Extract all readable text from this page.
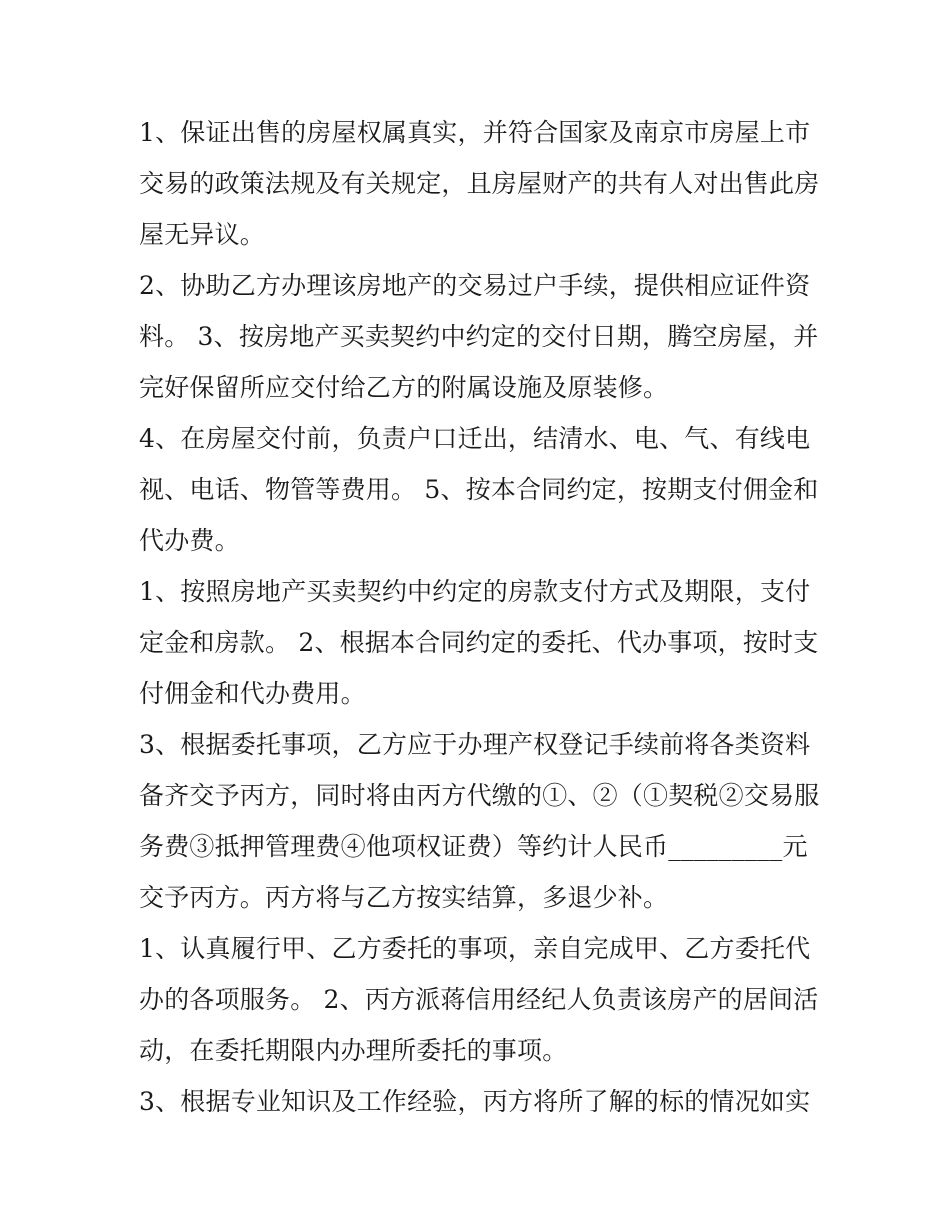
1、保证出售的房屋权属真实，并符合国家及南京市房屋上市
交易的政策法规及有关规定，且房屋财产的共有人对出售此房
屋无异议。
2、协助乙方办理该房地产的交易过户手续，提供相应证件资
料。 3、按房地产买卖契约中约定的交付日期，腾空房屋，并
完好保留所应交付给乙方的附属设施及原装修。
4、在房屋交付前，负责户口迁出，结清水、电、气、有线电
视、电话、物管等费用。 5、按本合同约定，按期支付佣金和
代办费。
1、按照房地产买卖契约中约定的房款支付方式及期限，支付
定金和房款。 2、根据本合同约定的委托、代办事项，按时支
付佣金和代办费用。
3、根据委托事项，乙方应于办理产权登记手续前将各类资料
备齐交予丙方，同时将由丙方代缴的①、②（①契税②交易服
务费③抵押管理费④他项权证费）等约计人民币_________元
交予丙方。丙方将与乙方按实结算，多退少补。
1、认真履行甲、乙方委托的事项，亲自完成甲、乙方委托代
办的各项服务。 2、丙方派蒋信用经纪人负责该房产的居间活
动，在委托期限内办理所委托的事项。
3、根据专业知识及工作经验，丙方将所了解的标的情况如实
